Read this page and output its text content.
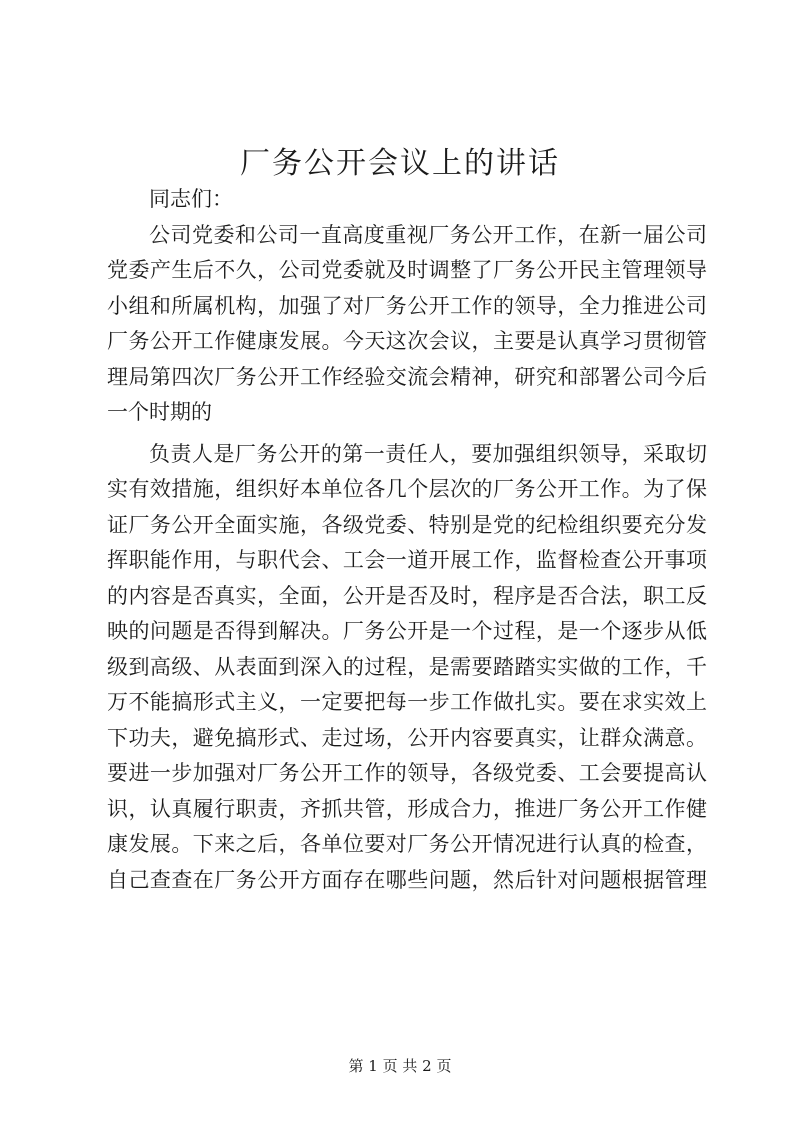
厂务公开会议上的讲话
同志们：
公司党委和公司一直高度重视厂务公开工作，在新一届公司
党委产生后不久，公司党委就及时调整了厂务公开民主管理领导
小组和所属机构，加强了对厂务公开工作的领导，全力推进公司
厂务公开工作健康发展。今天这次会议，主要是认真学习贯彻管
理局第四次厂务公开工作经验交流会精神，研究和部署公司今后
一个时期的
负责人是厂务公开的第一责任人，要加强组织领导，采取切
实有效措施，组织好本单位各几个层次的厂务公开工作。为了保
证厂务公开全面实施，各级党委、特别是党的纪检组织要充分发
挥职能作用，与职代会、工会一道开展工作，监督检查公开事项
的内容是否真实，全面，公开是否及时，程序是否合法，职工反
映的问题是否得到解决。厂务公开是一个过程，是一个逐步从低
级到高级、从表面到深入的过程，是需要踏踏实实做的工作，千
万不能搞形式主义，一定要把每一步工作做扎实。要在求实效上
下功夫，避免搞形式、走过场，公开内容要真实，让群众满意。
要进一步加强对厂务公开工作的领导，各级党委、工会要提高认
识，认真履行职责，齐抓共管，形成合力，推进厂务公开工作健
康发展。下来之后，各单位要对厂务公开情况进行认真的检查，
自己查查在厂务公开方面存在哪些问题，然后针对问题根据管理
第 1 页 共 2 页
